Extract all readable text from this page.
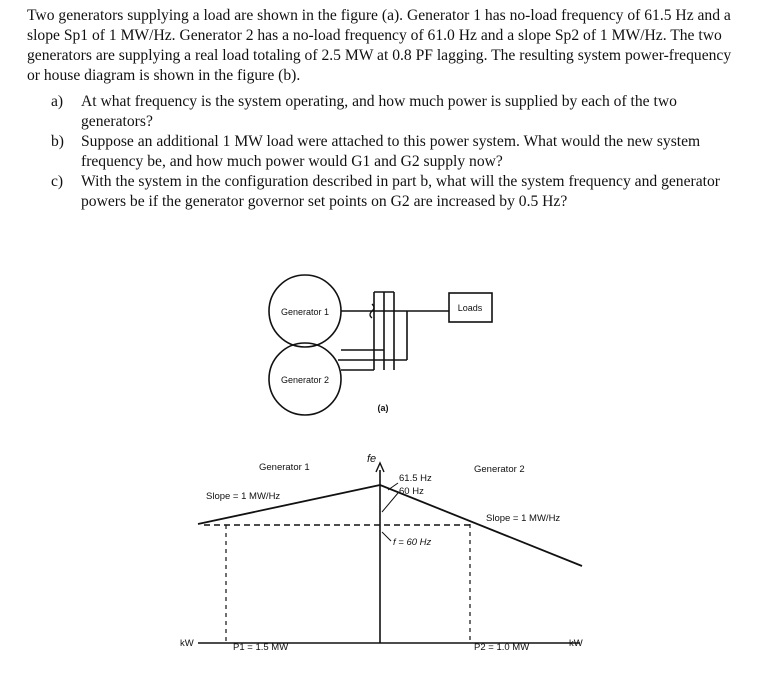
Two generators supplying a load are shown in the figure (a). Generator 1 has no-load frequency of 61.5 Hz and a slope Sp1 of 1 MW/Hz. Generator 2 has a no-load frequency of 61.0 Hz and a slope Sp2 of 1 MW/Hz. The two generators are supplying a real load totaling of 2.5 MW at 0.8 PF lagging. The resulting system power-frequency or house diagram is shown in the figure (b).

a) At what frequency is the system operating, and how much power is supplied by each of the two generators?
b) Suppose an additional 1 MW load were attached to this power system. What would the new system frequency be, and how much power would G1 and G2 supply now?
c) With the system in the configuration described in part b, what will the system frequency and generator powers be if the generator governor set points on G2 are increased by 0.5 Hz?
Generator 1
Generator 2
Loads
(a)
fe
Generator 1	Generator 2
Slope = 1 MW/Hz
Slope = 1 MW/Hz
61.5 Hz
60 Hz
f = 60 Hz
kW	kW
P1 = 1.5 MW	P2 = 1.0 MW
